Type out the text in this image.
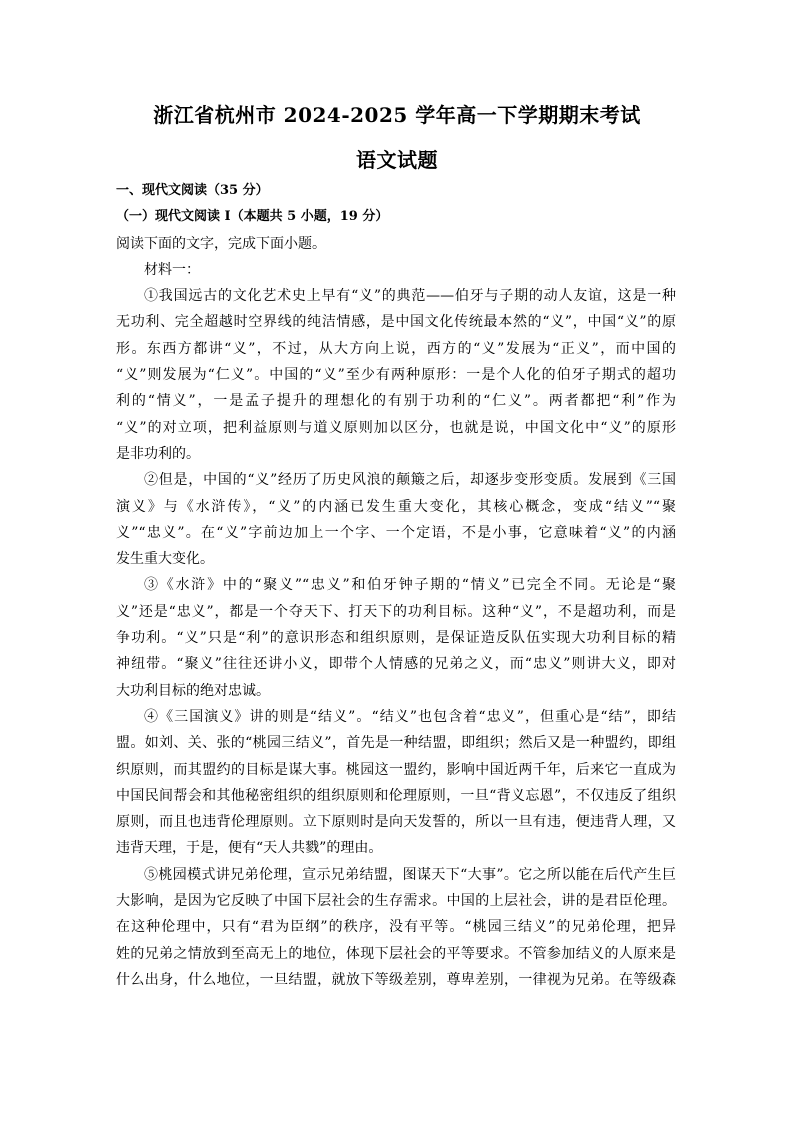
浙江省杭州市 2024-2025 学年高一下学期期末考试
语文试题
一、现代文阅读（35 分）
（一）现代文阅读 I（本题共 5 小题，19 分）
阅读下面的文字，完成下面小题。
材料一：
①我国远古的文化艺术史上早有“义”的典范——伯牙与子期的动人友谊，这是一种
无功利、完全超越时空界线的纯洁情感，是中国文化传统最本然的“义”，中国“义”的原
形。东西方都讲“义”，不过，从大方向上说，西方的“义”发展为“正义”，而中国的
“义”则发展为“仁义”。中国的“义”至少有两种原形：一是个人化的伯牙子期式的超功
利的“情义”，一是孟子提升的理想化的有别于功利的“仁义”。两者都把“利”作为
“义”的对立项，把利益原则与道义原则加以区分，也就是说，中国文化中“义”的原形
是非功利的。
②但是，中国的“义”经历了历史风浪的颠簸之后，却逐步变形变质。发展到《三国
演义》与《水浒传》，“义”的内涵已发生重大变化，其核心概念，变成“结义”“聚
义”“忠义”。在“义”字前边加上一个字、一个定语，不是小事，它意味着“义”的内涵
发生重大变化。
③《水浒》中的“聚义”“忠义”和伯牙钟子期的“情义”已完全不同。无论是“聚
义”还是“忠义”，都是一个夺天下、打天下的功利目标。这种“义”，不是超功利，而是
争功利。“义”只是“利”的意识形态和组织原则，是保证造反队伍实现大功利目标的精
神纽带。“聚义”往往还讲小义，即带个人情感的兄弟之义，而“忠义”则讲大义，即对
大功利目标的绝对忠诚。
④《三国演义》讲的则是“结义”。“结义”也包含着“忠义”，但重心是“结”，即结
盟。如刘、关、张的“桃园三结义”，首先是一种结盟，即组织；然后又是一种盟约，即组
织原则，而其盟约的目标是谋大事。桃园这一盟约，影响中国近两千年，后来它一直成为
中国民间帮会和其他秘密组织的组织原则和伦理原则，一旦“背义忘恩”，不仅违反了组织
原则，而且也违背伦理原则。立下原则时是向天发誓的，所以一旦有违，便违背人理，又
违背天理，于是，便有“天人共戮”的理由。
⑤桃园模式讲兄弟伦理，宣示兄弟结盟，图谋天下“大事”。它之所以能在后代产生巨
大影响，是因为它反映了中国下层社会的生存需求。中国的上层社会，讲的是君臣伦理。
在这种伦理中，只有“君为臣纲”的秩序，没有平等。“桃园三结义”的兄弟伦理，把异
姓的兄弟之情放到至高无上的地位，体现下层社会的平等要求。不管参加结义的人原来是
什么出身，什么地位，一旦结盟，就放下等级差别，尊卑差别，一律视为兄弟。在等级森
